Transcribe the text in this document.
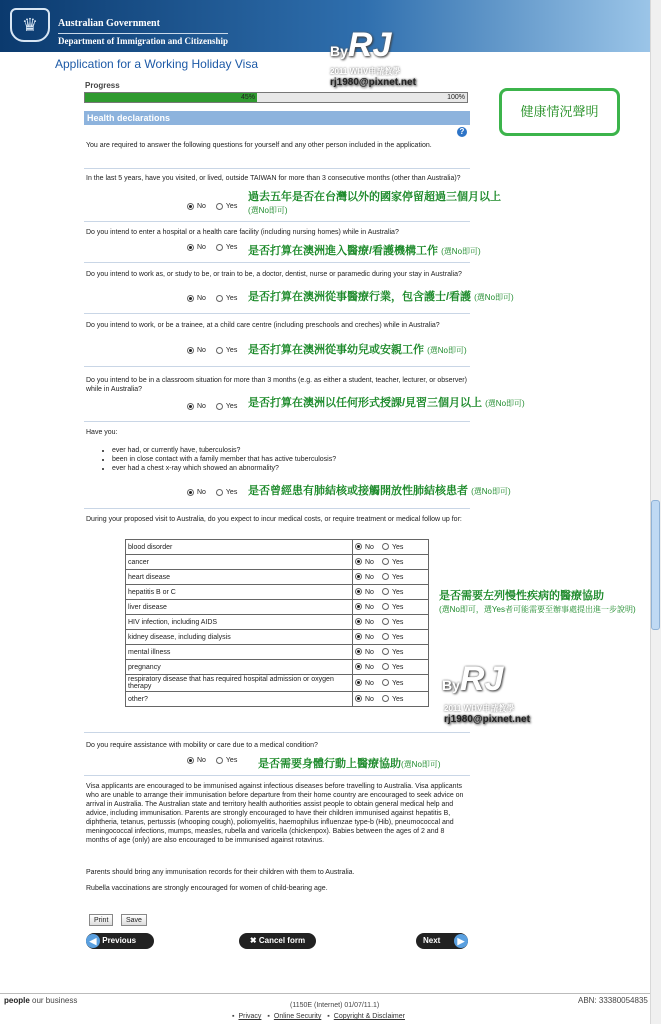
♛	Australian Government
Department of Immigration and Citizenship
Application for a Working Holiday Visa
ByRJ
2011 WHV申請教學
rj1980@pixnet.net
Progress
45%	100%
健康情況聲明
Health declarations
?
You are required to answer the following questions for yourself and any other person included in the application.
In the last 5 years, have you visited, or lived, outside TAIWAN for more than 3 consecutive months (other than Australia)?
No	Yes
過去五年是否在台灣以外的國家停留超過三個月以上
(選No即可)
Do you intend to enter a hospital or a health care facility (including nursing homes) while in Australia?
No	Yes 是否打算在澳洲進入醫療/看護機構工作 (選No即可)
Do you intend to work as, or study to be, or train to be, a doctor, dentist, nurse or paramedic during your stay in Australia?
No	Yes 是否打算在澳洲從事醫療行業，包含護士/看護 (選No即可)
Do you intend to work, or be a trainee, at a child care centre (including preschools and creches) while in Australia?
No	Yes 是否打算在澳洲從事幼兒或安親工作 (選No即可)
Do you intend to be in a classroom situation for more than 3 months (e.g. as either a student, teacher, lecturer, or observer) while in Australia?
No	Yes 是否打算在澳洲以任何形式授課/見習三個月以上 (選No即可)
Have you:
• ever had, or currently have, tuberculosis?
• been in close contact with a family member that has active tuberculosis?
• ever had a chest x-ray which showed an abnormality?
No	Yes 是否曾經患有肺結核或接觸開放性肺結核患者 (選No即可)
During your proposed visit to Australia, do you expect to incur medical costs, or require treatment or medical follow up for:
blood disorder	No Yes
cancer	No Yes
heart disease	No Yes
hepatitis B or C	No Yes
liver disease	No Yes
HIV infection, including AIDS	No Yes
kidney disease, including dialysis	No Yes
mental illness	No Yes
pregnancy	No Yes
respiratory disease that has required hospital admission or oxygen therapy	No Yes
other?	No Yes
是否需要左列慢性疾病的醫療協助
(選No即可，選Yes者可能需要至辦事處提出進一步說明)
ByRJ
2011 WHV申請教學
rj1980@pixnet.net
Do you require assistance with mobility or care due to a medical condition?
No	Yes	是否需要身體行動上醫療協助(選No即可)
Visa applicants are encouraged to be immunised against infectious diseases before travelling to Australia. Visa applicants who are unable to arrange their immunisation before departure from their home country are encouraged to seek advice on arrival in Australia. The Australian state and territory health authorities assist people to obtain general medical help and advice, including immunisation. Parents are strongly encouraged to have their children immunised against hepatitis B, diphtheria, tetanus, pertussis (whooping cough), poliomyelitis, haemophilus influenzae type-b (Hib), pneumococcal and meningococcal infections, mumps, measles, rubella and varicella (chickenpox). Babies between the ages of 2 and 8 months of age (only) are also encouraged to be immunised against rotavirus.
Parents should bring any immunisation records for their children with them to Australia.
Rubella vaccinations are strongly encouraged for women of child-bearing age.
Print	Save
◀ Previous	✖ Cancel form	Next	▶
people our business	ABN: 33380054835
(1150E (Internet) 01/07/11.1)
▪ Privacy ▪ Online Security ▪ Copyright & Disclaimer
